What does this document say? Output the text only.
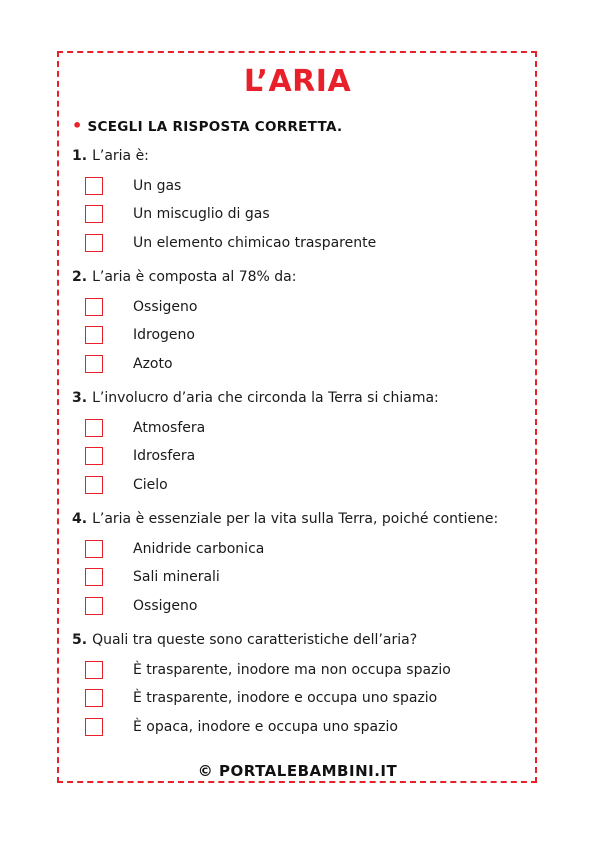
L’ARIA
• SCEGLI LA RISPOSTA CORRETTA.
1. L’aria è:
Un gas
Un miscuglio di gas
Un elemento chimicao trasparente
2. L’aria è composta al 78% da:
Ossigeno
Idrogeno
Azoto
3. L’involucro d’aria che circonda la Terra si chiama:
Atmosfera
Idrosfera
Cielo
4. L’aria è essenziale per la vita sulla Terra, poiché contiene:
Anidride carbonica
Sali minerali
Ossigeno
5. Quali tra queste sono caratteristiche dell’aria?
È trasparente, inodore ma non occupa spazio
È trasparente, inodore e occupa uno spazio
È opaca, inodore e occupa uno spazio
© PORTALEBAMBINI.IT
